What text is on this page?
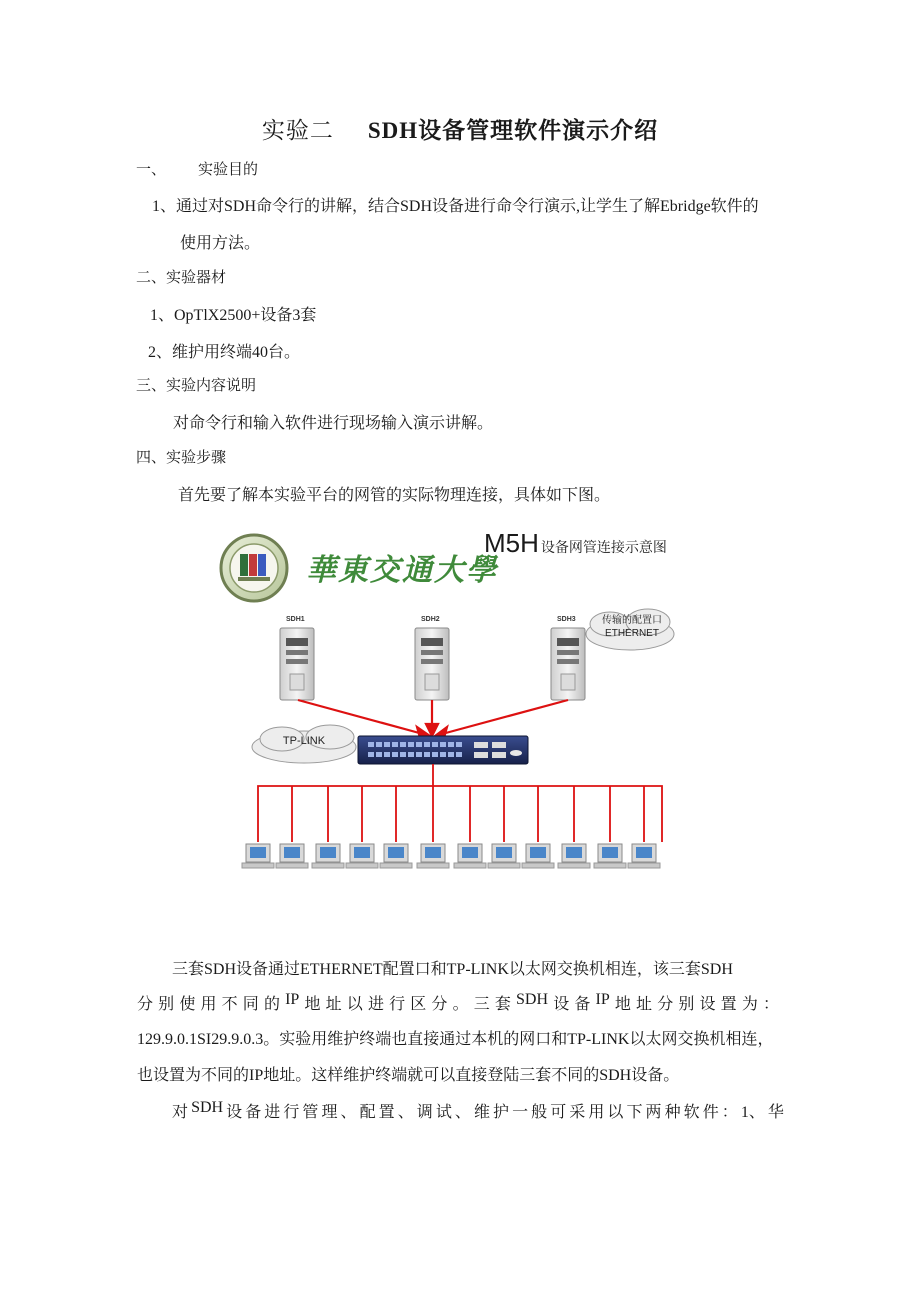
实验二 SDH设备管理软件演示介绍
一、 实验目的
1、通过对SDH命令行的讲解，结合SDH设备进行命令行演示,让学生了解Ebridge软件的
使用方法。
二、实验器材
1、OpTlX2500+设备3套
2、维护用终端40台。
三、实验内容说明
对命令行和输入软件进行现场输入演示讲解。
四、实验步骤
首先要了解本实验平台的网管的实际物理连接，具体如下图。
華東交通大學
M5H 设备网管连接示意图
SDH1	SDH2	SDH3	传输的配置口
ETHERNET
TP-LINK
三套SDH设备通过ETHERNET配置口和TP-LINK以太网交换机相连，该三套SDH
分 别 使 用 不 同 的 IP 地 址 以 进 行 区 分 。 三 套 SDH 设 备 IP 地 址 分 别 设 置 为 ：
129.9.0.1SI29.9.0.3。实验用维护终端也直接通过本机的网口和TP-LINK以太网交换机相连，
也设置为不同的IP地址。这样维护终端就可以直接登陆三套不同的SDH设备。
对 SDH 设 备 进 行 管 理 、 配 置 、 调 试 、 维 护 一 般 可 采 用 以 下 两 种 软 件 ： 1、 华
